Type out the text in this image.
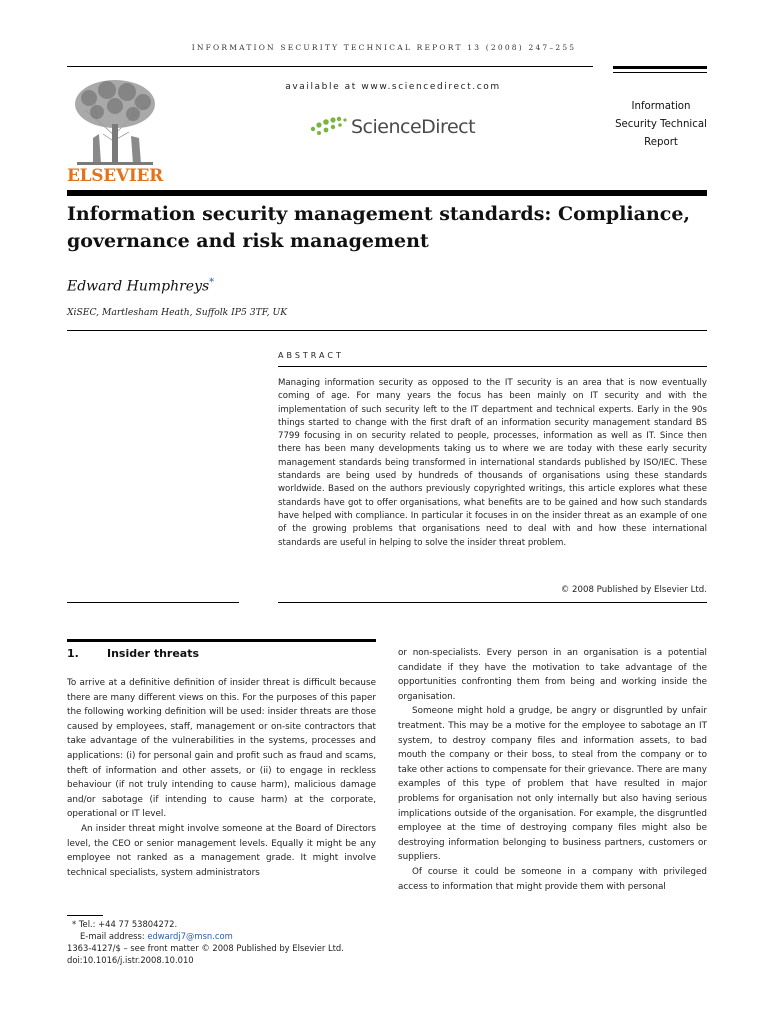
INFORMATION SECURITY TECHNICAL REPORT 13 (2008) 247–255
ELSEVIER
available at www.sciencedirect.com
ScienceDirect
Information
Security Technical
Report
Information security management standards: Compliance, governance and risk management
Edward Humphreys*
XiSEC, Martlesham Heath, Suffolk IP5 3TF, UK
ABSTRACT
Managing information security as opposed to the IT security is an area that is now eventually coming of age. For many years the focus has been mainly on IT security and with the implementation of such security left to the IT department and technical experts. Early in the 90s things started to change with the first draft of an information security management standard BS 7799 focusing in on security related to people, processes, information as well as IT. Since then there has been many developments taking us to where we are today with these early security management standards being transformed in international standards published by ISO/IEC. These standards are being used by hundreds of thousands of organisations using these standards worldwide. Based on the authors previously copyrighted writings, this article explores what these standards have got to offer organisations, what benefits are to be gained and how such standards have helped with compliance. In particular it focuses in on the insider threat as an example of one of the growing problems that organisations need to deal with and how these international standards are useful in helping to solve the insider threat problem.
© 2008 Published by Elsevier Ltd.
1.	Insider threats

To arrive at a definitive definition of insider threat is difficult because there are many different views on this. For the purposes of this paper the following working definition will be used: insider threats are those caused by employees, staff, management or on-site contractors that take advantage of the vulnerabilities in the systems, processes and applications: (i) for personal gain and profit such as fraud and scams, theft of information and other assets, or (ii) to engage in reckless behaviour (if not truly intending to cause harm), malicious damage and/or sabotage (if intending to cause harm) at the corporate, operational or IT level.

An insider threat might involve someone at the Board of Directors level, the CEO or senior management levels. Equally it might be any employee not ranked as a management grade. It might involve technical specialists, system administrators

or non-specialists. Every person in an organisation is a potential candidate if they have the motivation to take advantage of the opportunities confronting them from being and working inside the organisation.

Someone might hold a grudge, be angry or disgruntled by unfair treatment. This may be a motive for the employee to sabotage an IT system, to destroy company files and information assets, to bad mouth the company or their boss, to steal from the company or to take other actions to compensate for their grievance. There are many examples of this type of problem that have resulted in major problems for organisation not only internally but also having serious implications outside of the organisation. For example, the disgruntled employee at the time of destroying company files might also be destroying information belonging to business partners, customers or suppliers.

Of course it could be someone in a company with privileged access to information that might provide them with personal

* Tel.: +44 77 53804272.
E-mail address: edwardj7@msn.com
1363-4127/$ – see front matter © 2008 Published by Elsevier Ltd.
doi:10.1016/j.istr.2008.10.010
